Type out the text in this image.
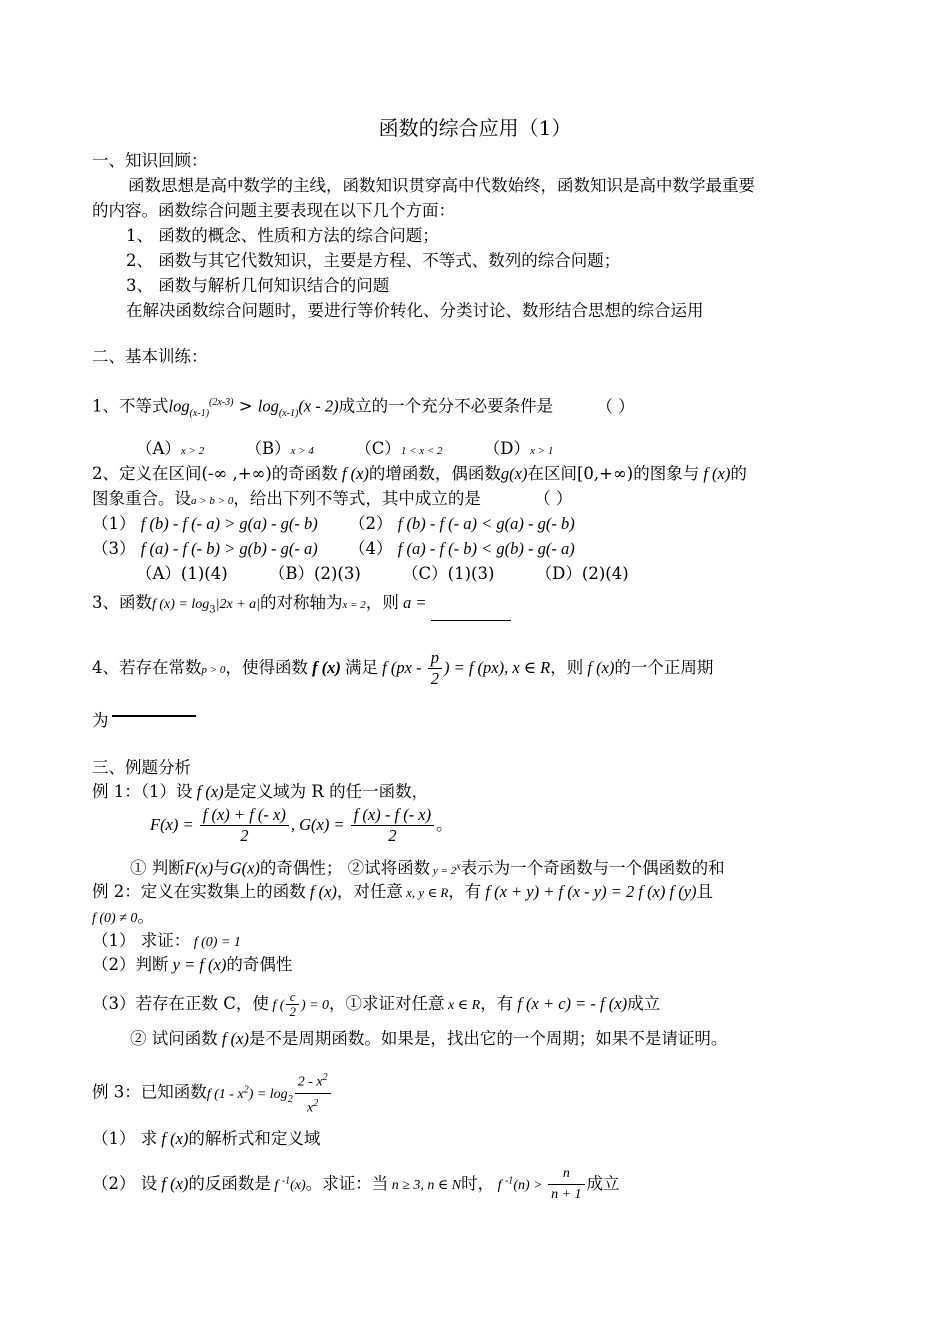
函数的综合应用（1）
一、知识回顾：
函数思想是高中数学的主线，函数知识贯穿高中代数始终，函数知识是高中数学最重要
的内容。函数综合问题主要表现在以下几个方面：
1、 函数的概念、性质和方法的综合问题；
2、 函数与其它代数知识，主要是方程、不等式、数列的综合问题；
3、 函数与解析几何知识结合的问题
在解决函数综合问题时，要进行等价转化、分类讨论、数形结合思想的综合运用
二、基本训练：
1、不等式$\log_{(x-1)}^{(2x-3)} > \log_{(x-1)}(x - 2)$成立的一个充分不必要条件是	（ ）
（A）x > 2	（B）x > 4	（C）1 < x < 2	（D）x > 1
2、定义在区间(-∞ ,+∞)的奇函数 f (x)的增函数，偶函数g(x)在区间[0,+∞)的图象与 f (x)的
图象重合。设a > b > 0，给出下列不等式，其中成立的是	（ ）
（1） f (b) - f (- a) > g(a) - g(- b) （2） f (b) - f (- a) < g(a) - g(- b)
（3） f (a) - f (- b) > g(b) - g(- a) （4） f (a) - f (- b) < g(b) - g(- a)
（A）(1)(4)	（B）(2)(3)	（C）(1)(3)	（D）(2)(4)
3、函数f $(x) = \log_3|2x + a|$的对称轴为x = 2，则 a =
4、若存在常数p > 0，使得函数 f (x) 满足 f ($px - \frac{p}{2}$ ) = f (px), x ∈ R，则 f (x)的一个正周期
为
三、例题分析
例 1：（1）设 f (x)是定义域为 R 的任一函数，
$F(x) = \frac{f (x) + f (- x)}{2}$ , $G(x) = \frac{f (x) - f (- x)}{2}$ 。
① 判断F(x)与G(x)的奇偶性； ②试将函数 y = 2x表示为一个奇函数与一个偶函数的和
例 2：定义在实数集上的函数 f (x)，对任意 x, y ∈ R，有 f (x + y) + f (x - y) = 2 f (x) f (y)且
f (0) ≠ 0。
（1） 求证： f (0) = 1
（2）判断 y = f (x)的奇偶性
（3）若存在正数 C，使 f ( $\frac{c}{2}$ ) = 0，①求证对任意 x ∈ R，有 f (x + c) = - f (x)成立
② 试问函数 f (x)是不是周期函数。如果是，找出它的一个周期；如果不是请证明。
例 3：已知函数f $(1 - x^2) = \log_2 \frac{2 - x^2}{x^2}$
（1） 求 f (x)的解析式和定义域
（2） 设 f (x)的反函数是 f $^{-1}$(x)。求证：当 n ≥ 3, n ∈ N时， f $^{-1}(n) > \frac{n}{n + 1}$ 成立
